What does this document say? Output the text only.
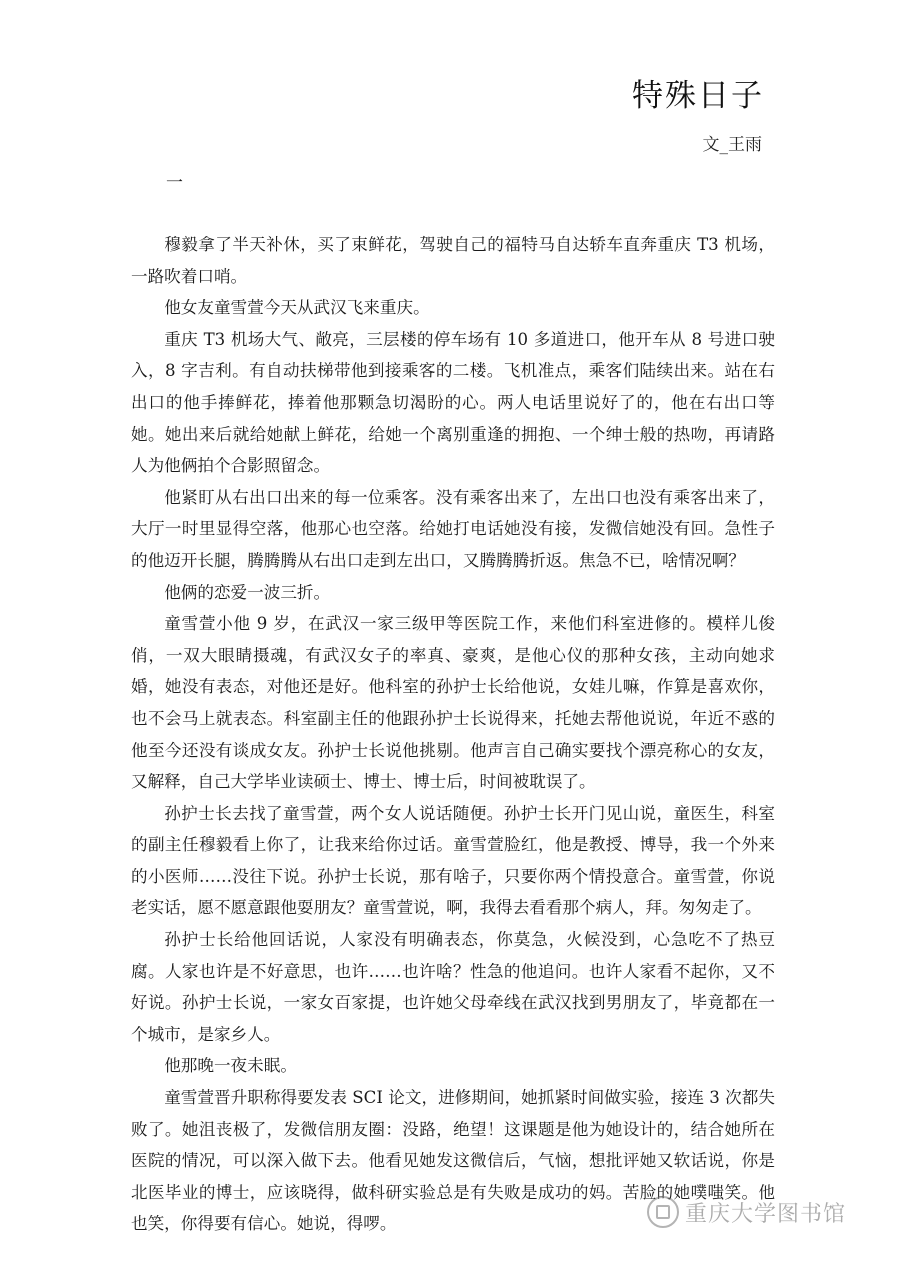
特殊日子
文_王雨
一

穆毅拿了半天补休，买了束鲜花，驾驶自己的福特马自达轿车直奔重庆 T3 机场，一路吹着口哨。

他女友童雪萱今天从武汉飞来重庆。

重庆 T3 机场大气、敞亮，三层楼的停车场有 10 多道进口，他开车从 8 号进口驶入，8 字吉利。有自动扶梯带他到接乘客的二楼。飞机准点，乘客们陆续出来。站在右出口的他手捧鲜花，捧着他那颗急切渴盼的心。两人电话里说好了的，他在右出口等她。她出来后就给她献上鲜花，给她一个离别重逢的拥抱、一个绅士般的热吻，再请路人为他俩拍个合影照留念。

他紧盯从右出口出来的每一位乘客。没有乘客出来了，左出口也没有乘客出来了，大厅一时里显得空落，他那心也空落。给她打电话她没有接，发微信她没有回。急性子的他迈开长腿，腾腾腾从右出口走到左出口，又腾腾腾折返。焦急不已，啥情况啊？

他俩的恋爱一波三折。

童雪萱小他 9 岁，在武汉一家三级甲等医院工作，来他们科室进修的。模样儿俊俏，一双大眼睛摄魂，有武汉女子的率真、豪爽，是他心仪的那种女孩，主动向她求婚，她没有表态，对他还是好。他科室的孙护士长给他说，女娃儿嘛，作算是喜欢你，也不会马上就表态。科室副主任的他跟孙护士长说得来，托她去帮他说说，年近不惑的他至今还没有谈成女友。孙护士长说他挑剔。他声言自己确实要找个漂亮称心的女友，又解释，自己大学毕业读硕士、博士、博士后，时间被耽误了。

孙护士长去找了童雪萱，两个女人说话随便。孙护士长开门见山说，童医生，科室的副主任穆毅看上你了，让我来给你过话。童雪萱脸红，他是教授、博导，我一个外来的小医师……没往下说。孙护士长说，那有啥子，只要你两个情投意合。童雪萱，你说老实话，愿不愿意跟他耍朋友？童雪萱说，啊，我得去看看那个病人，拜。匆匆走了。

孙护士长给他回话说，人家没有明确表态，你莫急，火候没到，心急吃不了热豆腐。人家也许是不好意思，也许……也许啥？性急的他追问。也许人家看不起你，又不好说。孙护士长说，一家女百家提，也许她父母牵线在武汉找到男朋友了，毕竟都在一个城市，是家乡人。

他那晚一夜未眠。

童雪萱晋升职称得要发表 SCI 论文，进修期间，她抓紧时间做实验，接连 3 次都失败了。她沮丧极了，发微信朋友圈：没路，绝望！这课题是他为她设计的，结合她所在医院的情况，可以深入做下去。他看见她发这微信后，气恼，想批评她又软话说，你是北医毕业的博士，应该晓得，做科研实验总是有失败是成功的妈。苦脸的她噗嗤笑。他也笑，你得要有信心。她说，得啰。	重庆大学图书馆
